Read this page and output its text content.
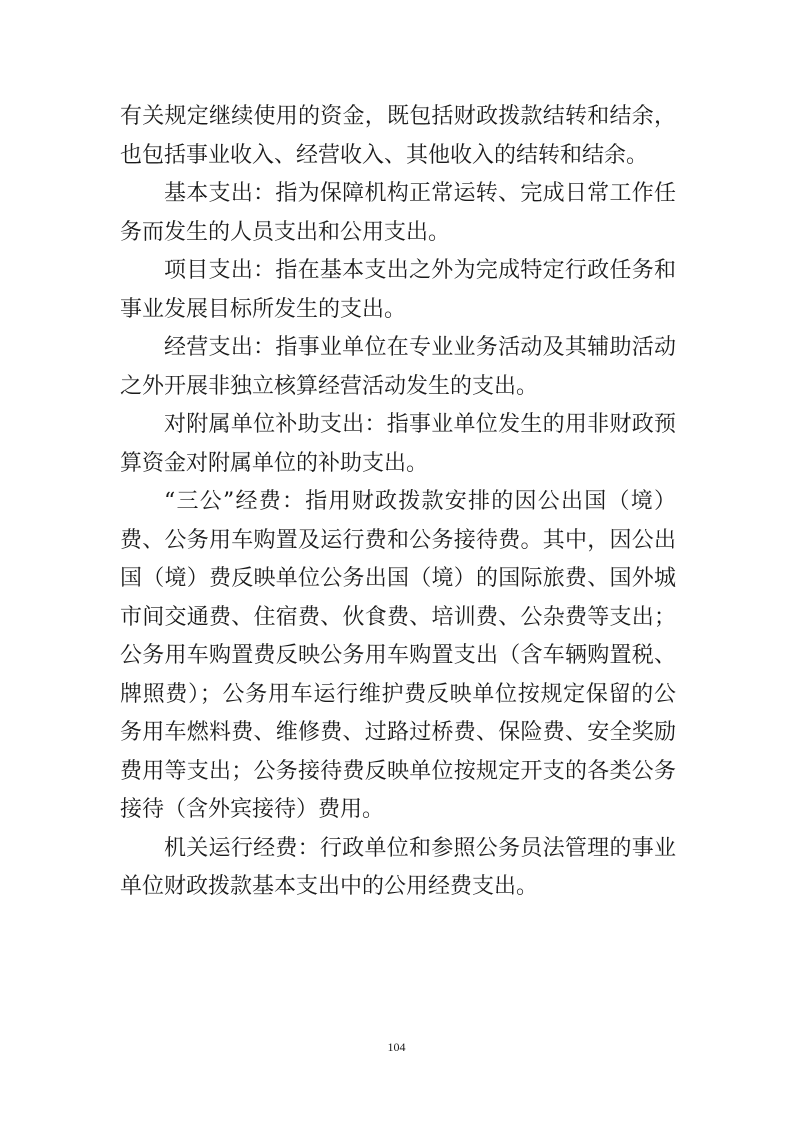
有关规定继续使用的资金，既包括财政拨款结转和结余，也包括事业收入、经营收入、其他收入的结转和结余。

基本支出：指为保障机构正常运转、完成日常工作任务而发生的人员支出和公用支出。

项目支出：指在基本支出之外为完成特定行政任务和事业发展目标所发生的支出。

经营支出：指事业单位在专业业务活动及其辅助活动之外开展非独立核算经营活动发生的支出。

对附属单位补助支出：指事业单位发生的用非财政预算资金对附属单位的补助支出。

“三公”经费：指用财政拨款安排的因公出国（境）费、公务用车购置及运行费和公务接待费。其中，因公出国（境）费反映单位公务出国（境）的国际旅费、国外城市间交通费、住宿费、伙食费、培训费、公杂费等支出；公务用车购置费反映公务用车购置支出（含车辆购置税、牌照费）；公务用车运行维护费反映单位按规定保留的公务用车燃料费、维修费、过路过桥费、保险费、安全奖励费用等支出；公务接待费反映单位按规定开支的各类公务接待（含外宾接待）费用。

机关运行经费：行政单位和参照公务员法管理的事业单位财政拨款基本支出中的公用经费支出。

104
